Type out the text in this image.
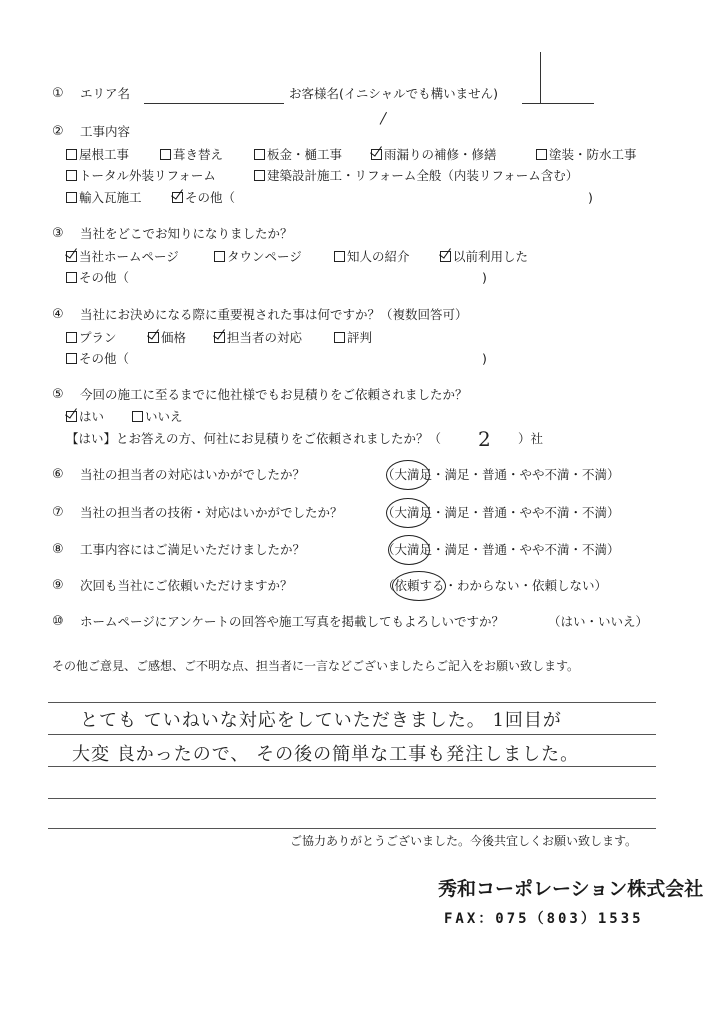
① エリア名	お客様名(イニシャルでも構いません)
② 工事内容
屋根工事	葺き替え	板金・樋工事	雨漏りの補修・修繕	塗装・防水工事
トータル外装リフォーム	建築設計施工・リフォーム全般（内装リフォーム含む）
輸入瓦施工	その他（	)
③ 当社をどこでお知りになりましたか？
当社ホームページ	タウンページ	知人の紹介	以前利用した
その他（	)
④ 当社にお決めになる際に重要視された事は何ですか？（複数回答可）
プラン	価格	担当者の対応	評判
その他（	)
⑤ 今回の施工に至るまでに他社様でもお見積りをご依頼されましたか？
はい	いいえ
【はい】とお答えの方、何社にお見積りをご依頼されましたか？（ 2 ）社
⑥ 当社の担当者の対応はいかがでしたか？	（大満足・満足・普通・やや不満・不満）
⑦ 当社の担当者の技術・対応はいかがでしたか？	（大満足・満足・普通・やや不満・不満）
⑧ 工事内容にはご満足いただけましたか？	（大満足・満足・普通・やや不満・不満）
⑨ 次回も当社にご依頼いただけますか？	（依頼する・わからない・依頼しない）
⑩ ホームページにアンケートの回答や施工写真を掲載してもよろしいですか？	（はい・いいえ）
その他ご意見、ご感想、ご不明な点、担当者に一言などございましたらご記入をお願い致します。
とても ていねいな対応をしていただきました。 1回目が
大変 良かったので、 その後の簡単な工事も発注しました。
ご協力ありがとうございました。今後共宜しくお願い致します。
秀和コーポレーション株式会社
FAX：075（803）1535
